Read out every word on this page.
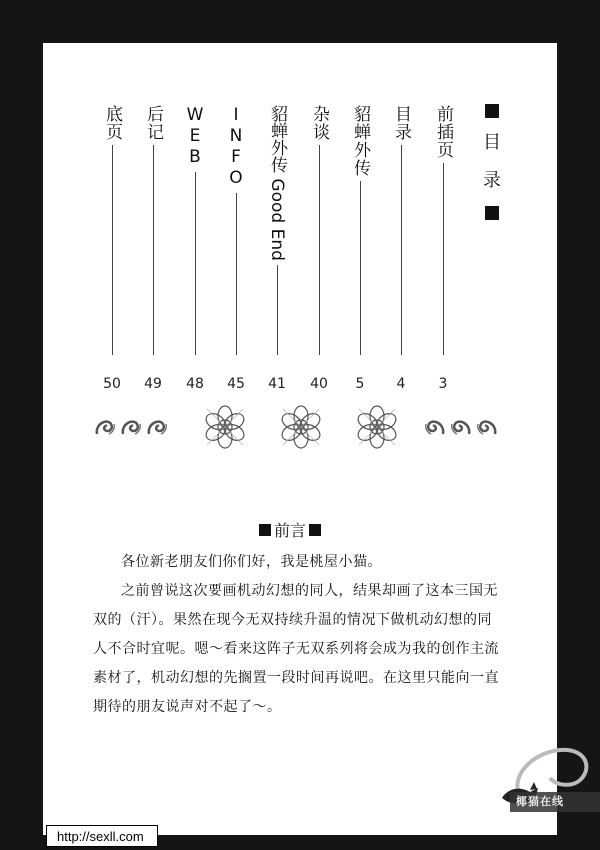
目
录
前插页
3
目录
4
貂蝉外传
5
杂谈
40
貂蝉外传 Good End
41
INFO
45
WEB
48
后记
49
底页
50
前言

各位新老朋友们你们好，我是桃屋小猫。

之前曾说这次要画机动幻想的同人，结果却画了这本三国无双的（汗）。果然在现今无双持续升温的情况下做机动幻想的同人不合时宜呢。嗯～看来这阵子无双系列将会成为我的创作主流素材了，机动幻想的先搁置一段时间再说吧。在这里只能向一直期待的朋友说声对不起了～。

椰猫在线
http://sexll.com
